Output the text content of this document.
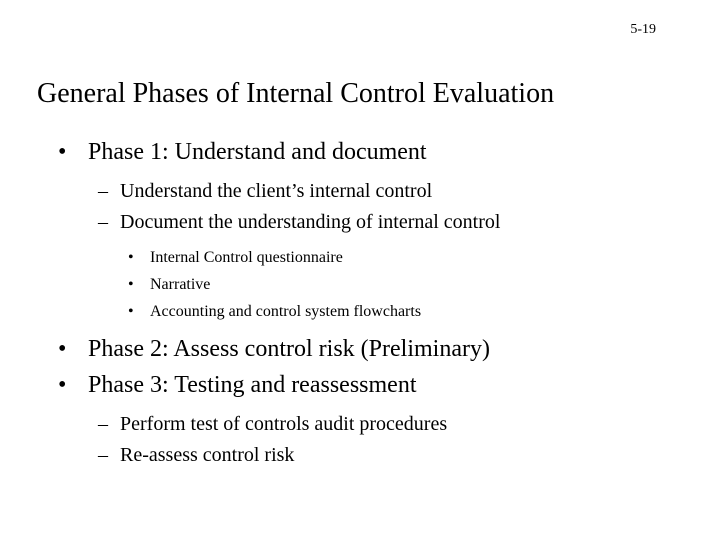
5-19
General Phases of Internal Control Evaluation
• Phase 1: Understand and document
– Understand the client’s internal control
– Document the understanding of internal control
•	Internal Control questionnaire
•	Narrative
•	Accounting and control system flowcharts
• Phase 2: Assess control risk (Preliminary)
• Phase 3: Testing and reassessment
– Perform test of controls audit procedures
– Re-assess control risk
